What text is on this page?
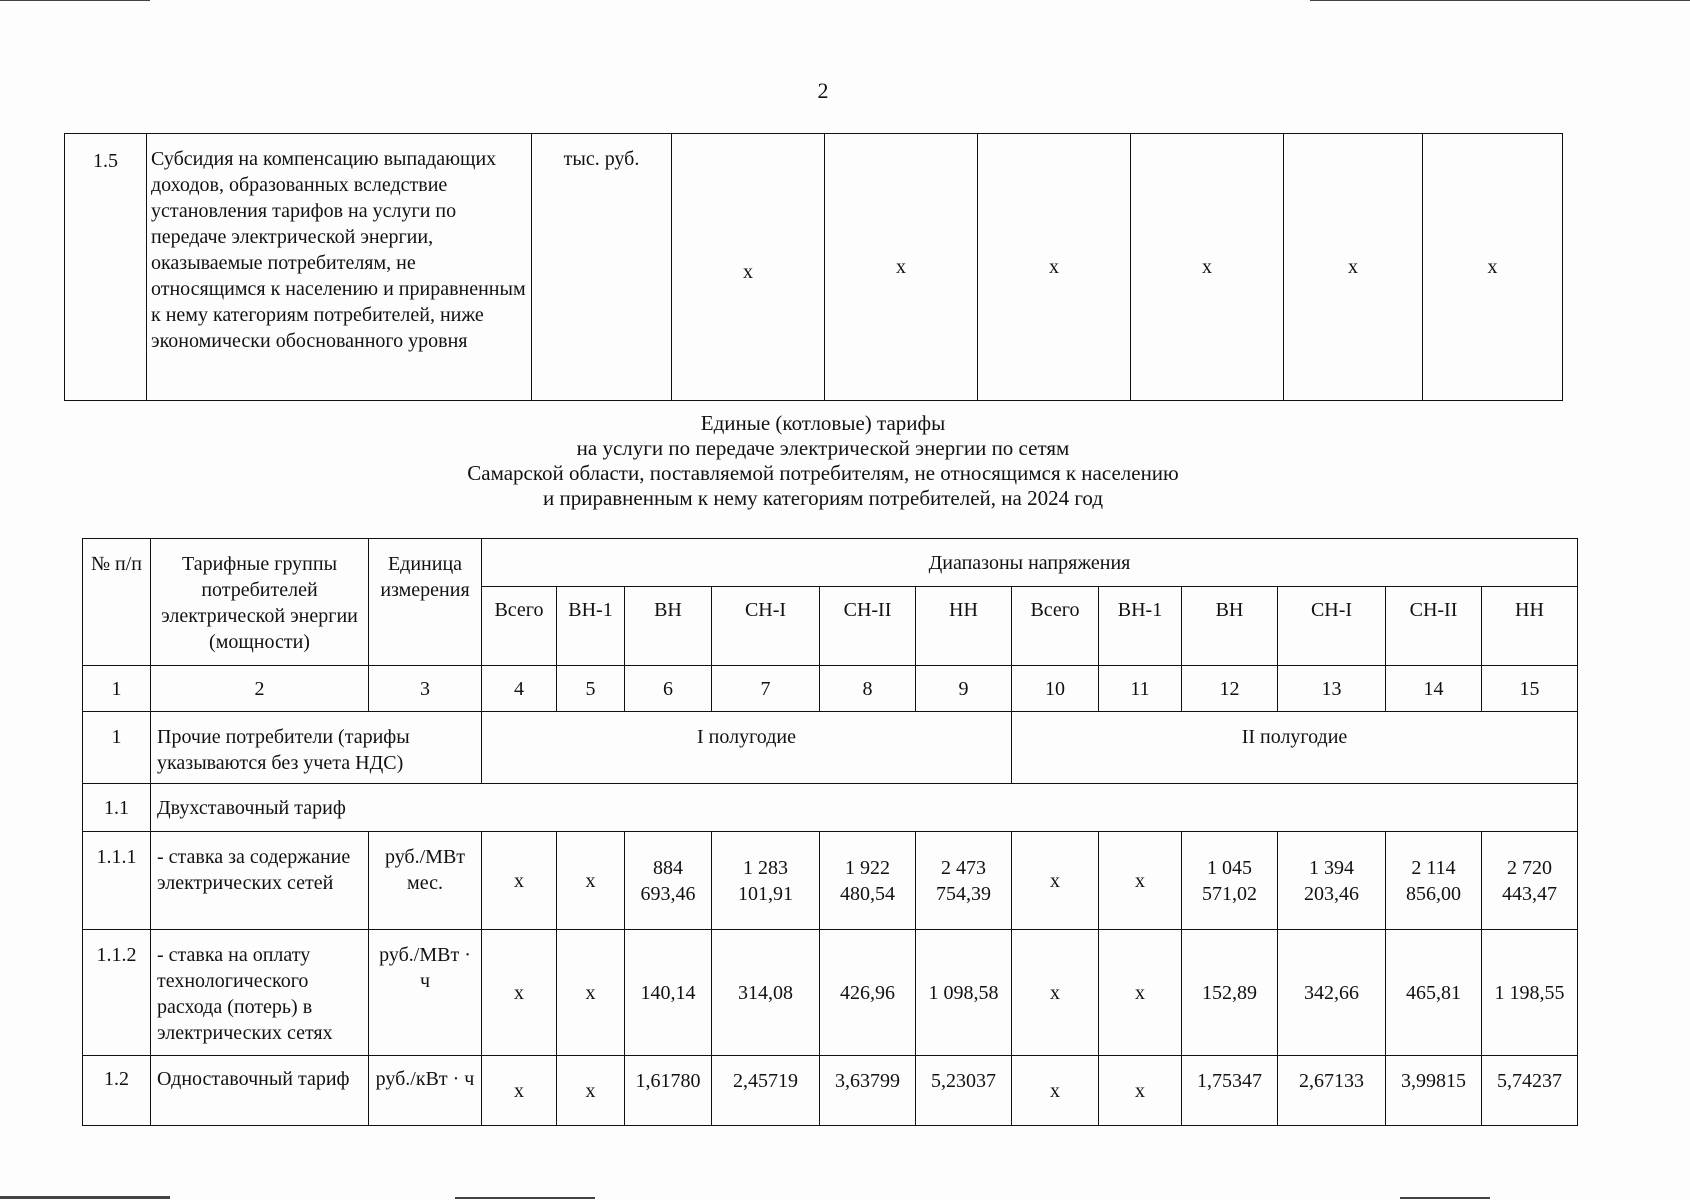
2
1.5	Субсидия на компенсацию выпадающих доходов, образованных вследствие установления тарифов на услуги по передаче электрической энергии, оказываемые потребителям, не относящимся к населению и приравненным к нему категориям потребителей, ниже экономически обоснованного уровня	тыс. руб.	x	x	x	x	x	x
Единые (котловые) тарифы
на услуги по передаче электрической энергии по сетям
Самарской области, поставляемой потребителям, не относящимся к населению
и приравненным к нему категориям потребителей, на 2024 год
№ п/п	Тарифные группы потребителей электрической энергии (мощности)	Единица измерения	Диапазоны напряжения											
			Всего	ВН-1	ВН	СН-I	СН-II	НН	Всего	ВН-1	ВН	СН-I	СН-II	НН
1	2	3	4	5	6	7	8	9	10	11	12	13	14	15
1	Прочие потребители (тарифы указываются без учета НДС)		I полугодие						II полугодие					
1.1	Двухставочный тариф													
1.1.1	- ставка за содержание электрических сетей	руб./МВт мес.	x	x	884 693,46	1 283 101,91	1 922 480,54	2 473 754,39	x	x	1 045 571,02	1 394 203,46	2 114 856,00	2 720 443,47
1.1.2	- ставка на оплату технологического расхода (потерь) в электрических сетях	руб./МВт · ч	x	x	140,14	314,08	426,96	1 098,58	x	x	152,89	342,66	465,81	1 198,55
1.2	Одноставочный тариф	руб./кВт · ч	x	x	1,61780	2,45719	3,63799	5,23037	x	x	1,75347	2,67133	3,99815	5,74237
